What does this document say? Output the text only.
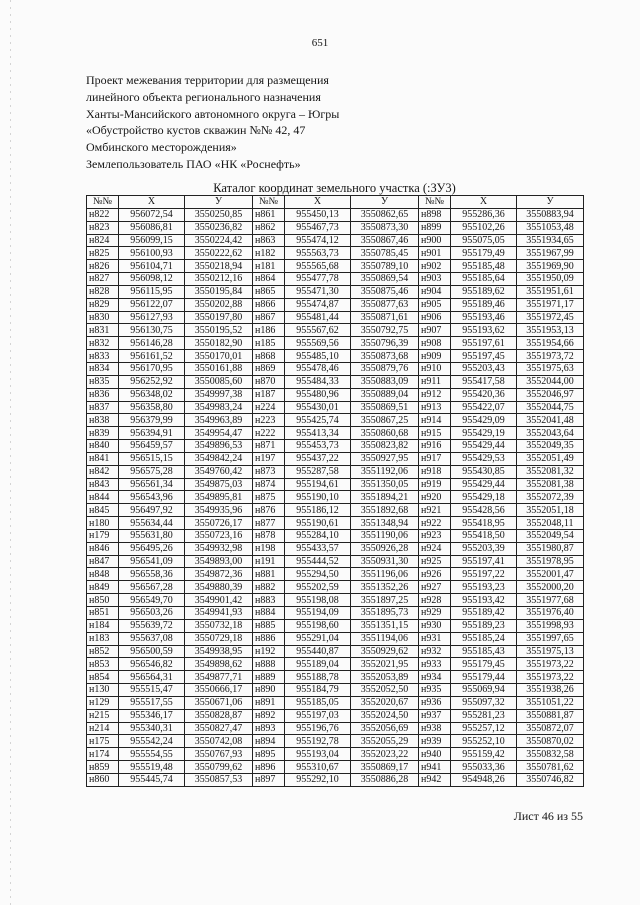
651
Проект межевания территории для размещения
линейного объекта регионального назначения
Ханты-Мансийского автономного округа – Югры
«Обустройство кустов скважин №№ 42, 47
Омбинского месторождения»
Землепользователь ПАО «НК «Роснефть»
Каталог координат земельного участка (:ЗУ3)
№№	X	У	№№	X	У	№№	X	У
н822	956072,54	3550250,85	н861	955450,13	3550862,65	н898	955286,36	3550883,94
н823	956086,81	3550236,82	н862	955467,73	3550873,30	н899	955102,26	3551053,48
н824	956099,15	3550224,42	н863	955474,12	3550867,46	н900	955075,05	3551934,65
н825	956100,93	3550222,62	н182	955563,73	3550785,45	н901	955179,49	3551967,99
н826	956104,71	3550218,94	н181	955565,68	3550789,10	н902	955185,48	3551969,90
н827	956098,12	3550212,16	н864	955477,78	3550869,54	н903	955185,64	3551950,09
н828	956115,95	3550195,84	н865	955471,30	3550875,46	н904	955189,62	3551951,61
н829	956122,07	3550202,88	н866	955474,87	3550877,63	н905	955189,46	3551971,17
н830	956127,93	3550197,80	н867	955481,44	3550871,61	н906	955193,46	3551972,45
н831	956130,75	3550195,52	н186	955567,62	3550792,75	н907	955193,62	3551953,13
н832	956146,28	3550182,90	н185	955569,56	3550796,39	н908	955197,61	3551954,66
н833	956161,52	3550170,01	н868	955485,10	3550873,68	н909	955197,45	3551973,72
н834	956170,95	3550161,88	н869	955478,46	3550879,76	н910	955203,43	3551975,63
н835	956252,92	3550085,60	н870	955484,33	3550883,09	н911	955417,58	3552044,00
н836	956348,02	3549997,38	н187	955480,96	3550889,04	н912	955420,36	3552046,97
н837	956358,80	3549983,24	н224	955430,01	3550869,51	н913	955422,07	3552044,75
н838	956379,99	3549963,89	н223	955425,74	3550867,25	н914	955429,09	3552041,48
н839	956394,91	3549954,47	н222	955413,34	3550860,68	н915	955429,19	3552043,64
н840	956459,57	3549896,53	н871	955453,73	3550823,82	н916	955429,44	3552049,35
н841	956515,15	3549842,24	н197	955437,22	3550927,95	н917	955429,53	3552051,49
н842	956575,28	3549760,42	н873	955287,58	3551192,06	н918	955430,85	3552081,32
н843	956561,34	3549875,03	н874	955194,61	3551350,05	н919	955429,44	3552081,38
н844	956543,96	3549895,81	н875	955190,10	3551894,21	н920	955429,18	3552072,39
н845	956497,92	3549935,96	н876	955186,12	3551892,68	н921	955428,56	3552051,18
н180	955634,44	3550726,17	н877	955190,61	3551348,94	н922	955418,95	3552048,11
н179	955631,80	3550723,16	н878	955284,10	3551190,06	н923	955418,50	3552049,54
н846	956495,26	3549932,98	н198	955433,57	3550926,28	н924	955203,39	3551980,87
н847	956541,09	3549893,00	н191	955444,52	3550931,30	н925	955197,41	3551978,95
н848	956558,36	3549872,36	н881	955294,50	3551196,06	н926	955197,22	3552001,47
н849	956567,28	3549880,39	н882	955202,59	3551352,26	н927	955193,23	3552000,20
н850	956549,70	3549901,42	н883	955198,08	3551897,25	н928	955193,42	3551977,68
н851	956503,26	3549941,93	н884	955194,09	3551895,73	н929	955189,42	3551976,40
н184	955639,72	3550732,18	н885	955198,60	3551351,15	н930	955189,23	3551998,93
н183	955637,08	3550729,18	н886	955291,04	3551194,06	н931	955185,24	3551997,65
н852	956500,59	3549938,95	н192	955440,87	3550929,62	н932	955185,43	3551975,13
н853	956546,82	3549898,62	н888	955189,04	3552021,95	н933	955179,45	3551973,22
н854	956564,31	3549877,71	н889	955188,78	3552053,89	н934	955179,44	3551973,22
н130	955515,47	3550666,17	н890	955184,79	3552052,50	н935	955069,94	3551938,26
н129	955517,55	3550671,06	н891	955185,05	3552020,67	н936	955097,32	3551051,22
н215	955346,17	3550828,87	н892	955197,03	3552024,50	н937	955281,23	3550881,87
н214	955340,31	3550827,47	н893	955196,76	3552056,69	н938	955257,12	3550872,07
н175	955542,24	3550742,08	н894	955192,78	3552055,29	н939	955252,10	3550870,02
н174	955554,55	3550767,93	н895	955193,04	3552023,22	н940	955159,42	3550832,58
н859	955519,48	3550799,62	н896	955310,67	3550869,17	н941	955033,36	3550781,62
н860	955445,74	3550857,53	н897	955292,10	3550886,28	н942	954948,26	3550746,82
Лист 46 из 55
